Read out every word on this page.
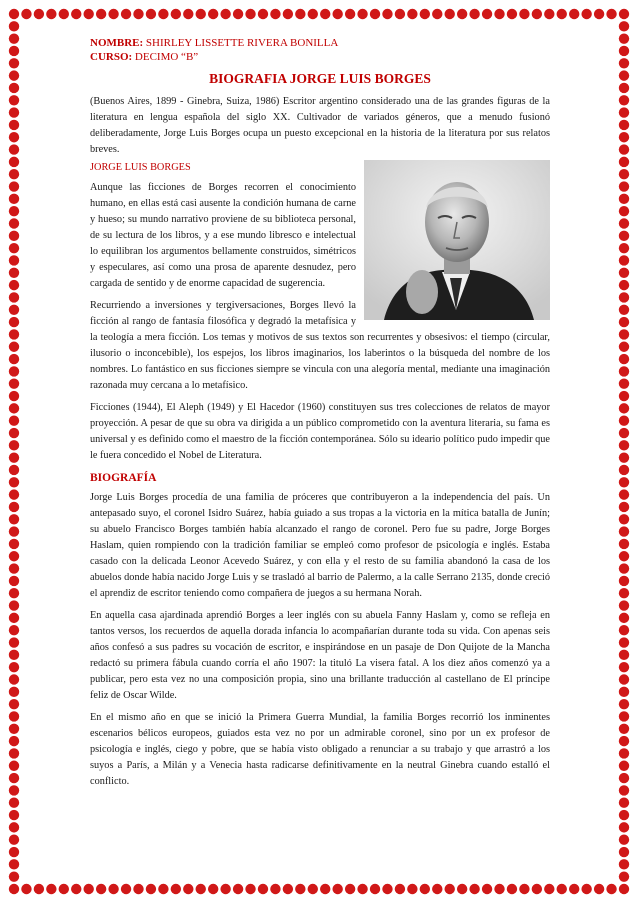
NOMBRE: SHIRLEY LISSETTE RIVERA BONILLA
CURSO: DECIMO “B”
BIOGRAFIA JORGE LUIS BORGES

(Buenos Aires, 1899 - Ginebra, Suiza, 1986) Escritor argentino considerado una de las grandes figuras de la literatura en lengua española del siglo XX. Cultivador de variados géneros, que a menudo fusionó deliberadamente, Jorge Luis Borges ocupa un puesto excepcional en la historia de la literatura por sus relatos breves.

JORGE LUIS BORGES

Aunque las ficciones de Borges recorren el conocimiento humano, en ellas está casi ausente la condición humana de carne y hueso; su mundo narrativo proviene de su biblioteca personal, de su lectura de los libros, y a ese mundo libresco e intelectual lo equilibran los argumentos bellamente construidos, simétricos y especulares, así como una prosa de aparente desnudez, pero cargada de sentido y de enorme capacidad de sugerencia.

Recurriendo a inversiones y tergiversaciones, Borges llevó la ficción al rango de fantasía filosófica y degradó la metafísica y la teología a mera ficción. Los temas y motivos de sus textos son recurrentes y obsesivos: el tiempo (circular, ilusorio o inconcebible), los espejos, los libros imaginarios, los laberintos o la búsqueda del nombre de los nombres. Lo fantástico en sus ficciones siempre se vincula con una alegoría mental, mediante una imaginación razonada muy cercana a lo metafísico.

Ficciones (1944), El Aleph (1949) y El Hacedor (1960) constituyen sus tres colecciones de relatos de mayor proyección. A pesar de que su obra va dirigida a un público comprometido con la aventura literaria, su fama es universal y es definido como el maestro de la ficción contemporánea. Sólo su ideario político pudo impedir que le fuera concedido el Nobel de Literatura.

BIOGRAFÍA

Jorge Luis Borges procedía de una familia de próceres que contribuyeron a la independencia del país. Un antepasado suyo, el coronel Isidro Suárez, había guiado a sus tropas a la victoria en la mítica batalla de Junín; su abuelo Francisco Borges también había alcanzado el rango de coronel. Pero fue su padre, Jorge Borges Haslam, quien rompiendo con la tradición familiar se empleó como profesor de psicología e inglés. Estaba casado con la delicada Leonor Acevedo Suárez, y con ella y el resto de su familia abandonó la casa de los abuelos donde había nacido Jorge Luis y se trasladó al barrio de Palermo, a la calle Serrano 2135, donde creció el aprendiz de escritor teniendo como compañera de juegos a su hermana Norah.

En aquella casa ajardinada aprendió Borges a leer inglés con su abuela Fanny Haslam y, como se refleja en tantos versos, los recuerdos de aquella dorada infancia lo acompañarían durante toda su vida. Con apenas seis años confesó a sus padres su vocación de escritor, e inspirándose en un pasaje de Don Quijote de la Mancha redactó su primera fábula cuando corría el año 1907: la tituló La visera fatal. A los diez años comenzó ya a publicar, pero esta vez no una composición propia, sino una brillante traducción al castellano de El príncipe feliz de Oscar Wilde.

En el mismo año en que se inició la Primera Guerra Mundial, la familia Borges recorrió los inminentes escenarios bélicos europeos, guiados esta vez no por un admirable coronel, sino por un ex profesor de psicología e inglés, ciego y pobre, que se había visto obligado a renunciar a su trabajo y que arrastró a los suyos a París, a Milán y a Venecia hasta radicarse definitivamente en la neutral Ginebra cuando estalló el conflicto.
